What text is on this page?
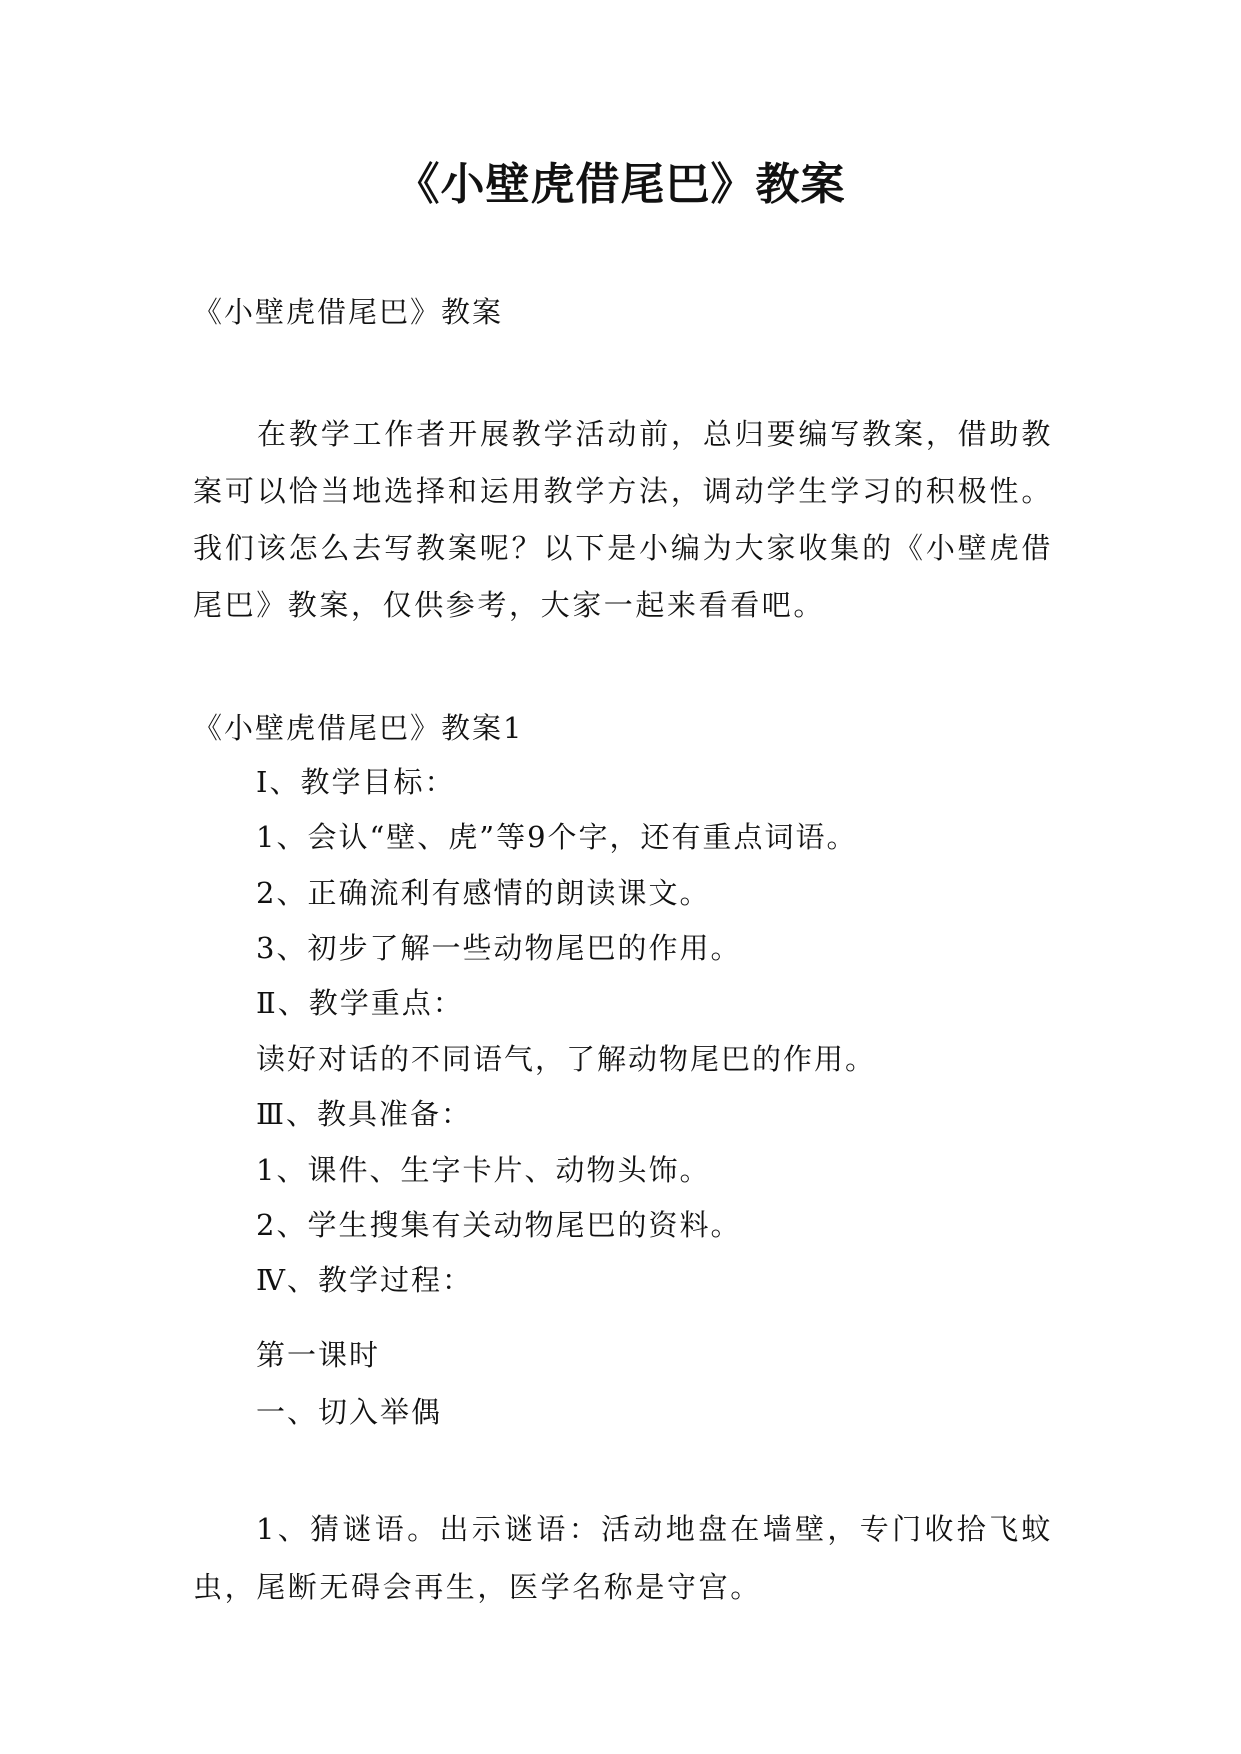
《小壁虎借尾巴》教案

《小壁虎借尾巴》教案

在教学工作者开展教学活动前，总归要编写教案，借助教案可以恰当地选择和运用教学方法，调动学生学习的积极性。我们该怎么去写教案呢？以下是小编为大家收集的《小壁虎借尾巴》教案，仅供参考，大家一起来看看吧。

《小壁虎借尾巴》教案1

Ⅰ、教学目标：

1、会认“壁、虎”等9个字，还有重点词语。

2、正确流利有感情的朗读课文。

3、初步了解一些动物尾巴的作用。

Ⅱ、教学重点：

读好对话的不同语气，了解动物尾巴的作用。

Ⅲ、教具准备：

1、课件、生字卡片、动物头饰。

2、学生搜集有关动物尾巴的资料。

Ⅳ、教学过程：

第一课时

一、切入举偶

1、猜谜语。出示谜语：活动地盘在墙壁，专门收拾飞蚊虫，尾断无碍会再生，医学名称是守宫。
